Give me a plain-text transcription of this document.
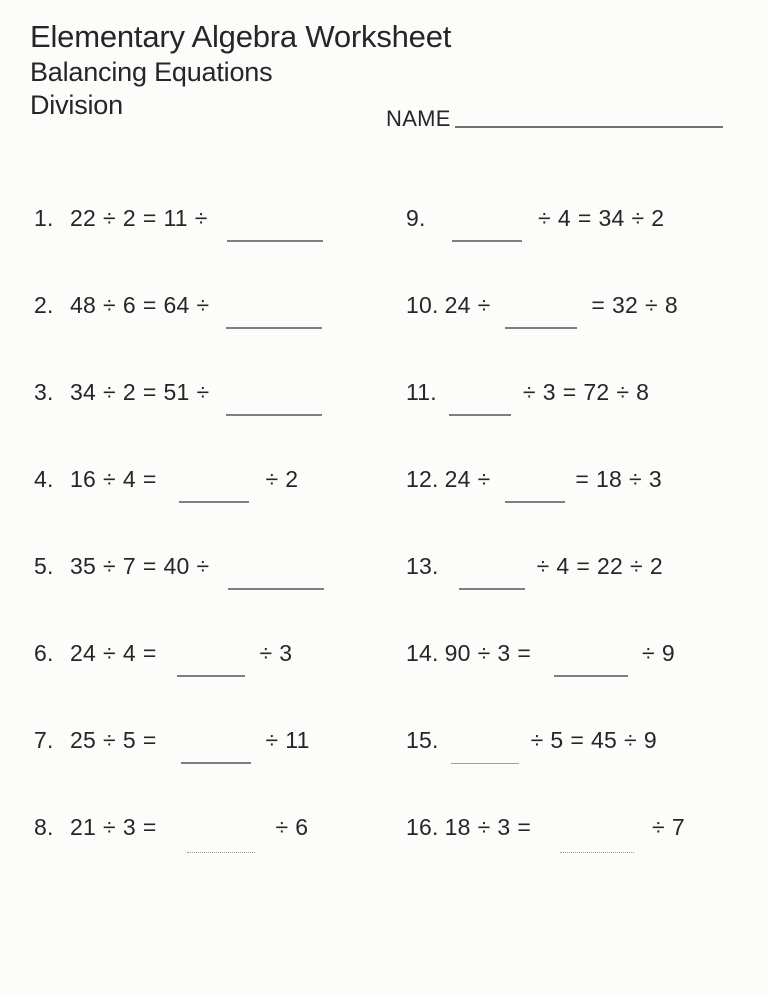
Elementary Algebra Worksheet
Balancing Equations
Division	NAME
1. 22 ÷ 2 = 11 ÷	9.	÷ 4 = 34 ÷ 2
2. 48 ÷ 6 = 64 ÷	10. 24 ÷	= 32 ÷ 8
3. 34 ÷ 2 = 51 ÷	11.	÷ 3 = 72 ÷ 8
4. 16 ÷ 4 =	÷ 2	12. 24 ÷	= 18 ÷ 3
5. 35 ÷ 7 = 40 ÷	13.	÷ 4 = 22 ÷ 2
6. 24 ÷ 4 =	÷ 3	14. 90 ÷ 3 =	÷ 9
7. 25 ÷ 5 =	÷ 11	15.	÷ 5 = 45 ÷ 9
8. 21 ÷ 3 =	÷ 6	16. 18 ÷ 3 =	÷ 7
